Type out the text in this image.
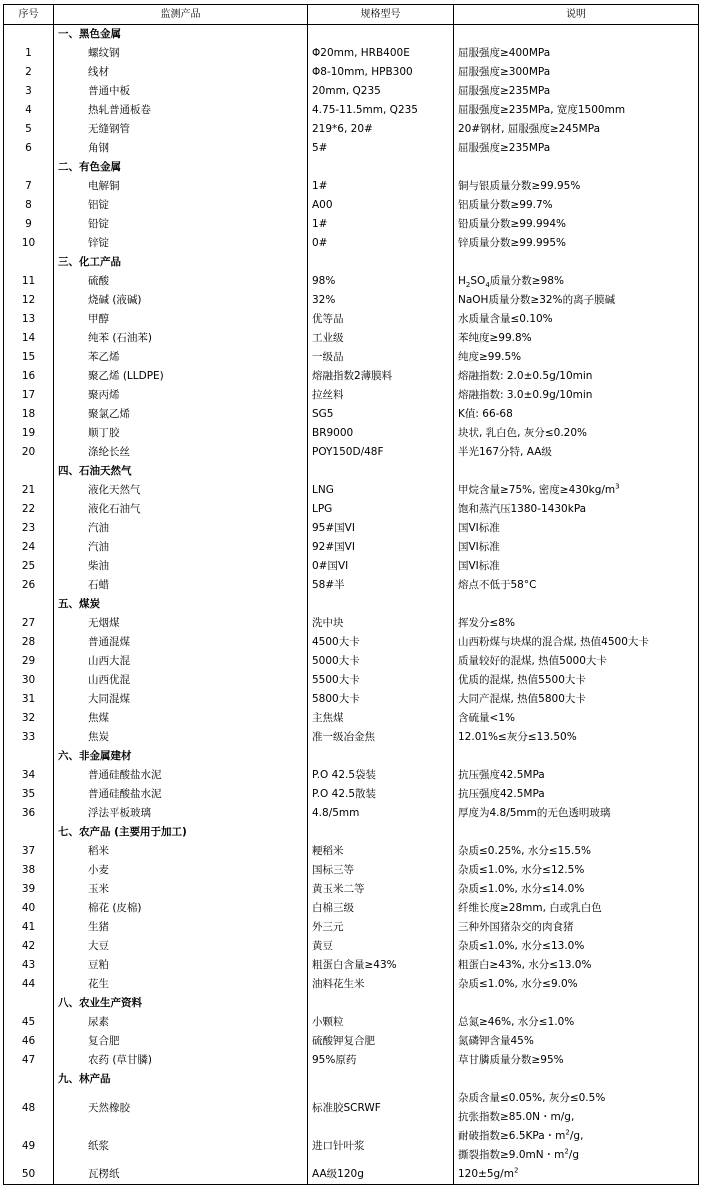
序号	监测产品	规格型号	说明
	一、黑色金属		
1	螺纹钢	Φ20mm, HRB400E	屈服强度≥400MPa
2	线材	Φ8-10mm, HPB300	屈服强度≥300MPa
3	普通中板	20mm, Q235	屈服强度≥235MPa
4	热轧普通板卷	4.75-11.5mm, Q235	屈服强度≥235MPa, 宽度1500mm
5	无缝钢管	219*6, 20#	20#钢材, 屈服强度≥245MPa
6	角钢	5#	屈服强度≥235MPa
	二、有色金属		
7	电解铜	1#	铜与银质量分数≥99.95%
8	铝锭	A00	铝质量分数≥99.7%
9	铅锭	1#	铅质量分数≥99.994%
10	锌锭	0#	锌质量分数≥99.995%
	三、化工产品		
11	硫酸	98%	$H_2SO_4$质量分数≥98%
12	烧碱 (液碱)	32%	NaOH质量分数≥32%的离子膜碱
13	甲醇	优等品	水质量含量≤0.10%
14	纯苯 (石油苯)	工业级	苯纯度≥99.8%
15	苯乙烯	一级品	纯度≥99.5%
16	聚乙烯 (LLDPE)	熔融指数2薄膜料	熔融指数: 2.0±0.5g/10min
17	聚丙烯	拉丝料	熔融指数: 3.0±0.9g/10min
18	聚氯乙烯	SG5	K值: 66-68
19	顺丁胶	BR9000	块状, 乳白色, 灰分≤0.20%
20	涤纶长丝	POY150D/48F	半光167分特, AA级
	四、石油天然气		
21	液化天然气	LNG	甲烷含量≥75%, 密度$\ge 430kg/m^3$
22	液化石油气	LPG	饱和蒸汽压1380-1430kPa
23	汽油	95#国VI	国VI标准
24	汽油	92#国VI	国VI标准
25	柴油	0#国VI	国VI标准
26	石蜡	58#半	熔点不低于58°C
	五、煤炭		
27	无烟煤	洗中块	挥发分≤8%
28	普通混煤	4500大卡	山西粉煤与块煤的混合煤, 热值4500大卡
29	山西大混	5000大卡	质量较好的混煤, 热值5000大卡
30	山西优混	5500大卡	优质的混煤, 热值5500大卡
31	大同混煤	5800大卡	大同产混煤, 热值5800大卡
32	焦煤	主焦煤	含硫量<1%
33	焦炭	准一级冶金焦	12.01%≤灰分≤13.50%
	六、非金属建材		
34	普通硅酸盐水泥	P.O 42.5袋装	抗压强度42.5MPa
35	普通硅酸盐水泥	P.O 42.5散装	抗压强度42.5MPa
36	浮法平板玻璃	4.8/5mm	厚度为4.8/5mm的无色透明玻璃
	七、农产品 (主要用于加工)		
37	稻米	粳稻米	杂质≤0.25%, 水分≤15.5%
38	小麦	国标三等	杂质≤1.0%, 水分≤12.5%
39	玉米	黄玉米二等	杂质≤1.0%, 水分≤14.0%
40	棉花 (皮棉)	白棉三级	纤维长度≥28mm, 白或乳白色
41	生猪	外三元	三种外国猪杂交的肉食猪
42	大豆	黄豆	杂质≤1.0%, 水分≤13.0%
43	豆粕	粗蛋白含量≥43%	粗蛋白≥43%, 水分≤13.0%
44	花生	油料花生米	杂质≤1.0%, 水分≤9.0%
	八、农业生产资料		
45	尿素	小颗粒	总氮≥46%, 水分≤1.0%
46	复合肥	硫酸钾复合肥	氮磷钾含量45%
47	农药 (草甘膦)	95%原药	草甘膦质量分数≥95%
	九、林产品		
48	天然橡胶	标准胶SCRWF	杂质含量≤0.05%, 灰分≤0.5%
抗张指数≥85.0N・m/g,

49	纸浆	进口针叶浆	耐破指数≥6.5KPa・$m^2/g$,
撕裂指数≥9.0mN・$m^2/g$

50	瓦楞纸	AA级120g	$120\pm 5g/m^2$
